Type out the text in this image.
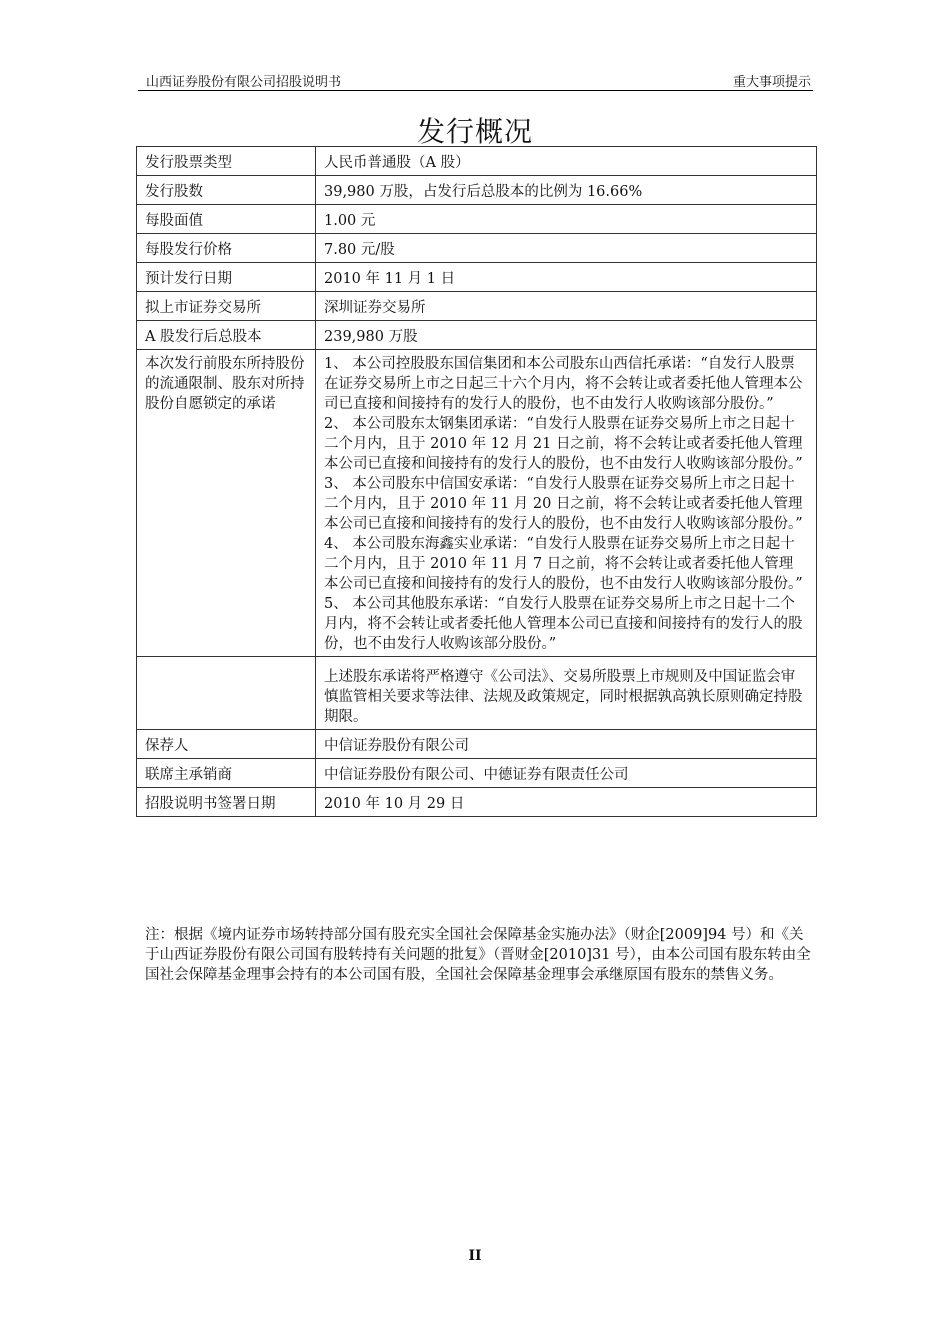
山西证券股份有限公司招股说明书	重大事项提示
发行概况
发行股票类型	人民币普通股（A 股）
发行股数	39,980 万股，占发行后总股本的比例为 16.66%
每股面值	1.00 元
每股发行价格	7.80 元/股
预计发行日期	2010 年 11 月 1 日
拟上市证券交易所	深圳证券交易所
A 股发行后总股本	239,980 万股
本次发行前股东所持股份的流通限制、股东对所持股份自愿锁定的承诺	1、 本公司控股股东国信集团和本公司股东山西信托承诺：“自发行人股票在证券交易所上市之日起三十六个月内，将不会转让或者委托他人管理本公司已直接和间接持有的发行人的股份，也不由发行人收购该部分股份。”

2、 本公司股东太钢集团承诺：“自发行人股票在证券交易所上市之日起十二个月内，且于 2010 年 12 月 21 日之前，将不会转让或者委托他人管理本公司已直接和间接持有的发行人的股份，也不由发行人收购该部分股份。”

3、 本公司股东中信国安承诺：“自发行人股票在证券交易所上市之日起十二个月内，且于 2010 年 11 月 20 日之前，将不会转让或者委托他人管理本公司已直接和间接持有的发行人的股份，也不由发行人收购该部分股份。”

4、 本公司股东海鑫实业承诺：“自发行人股票在证券交易所上市之日起十二个月内，且于 2010 年 11 月 7 日之前，将不会转让或者委托他人管理本公司已直接和间接持有的发行人的股份，也不由发行人收购该部分股份。”

5、 本公司其他股东承诺：“自发行人股票在证券交易所上市之日起十二个月内，将不会转让或者委托他人管理本公司已直接和间接持有的发行人的股份，也不由发行人收购该部分股份。”

	上述股东承诺将严格遵守《公司法》、交易所股票上市规则及中国证监会审慎监管相关要求等法律、法规及政策规定，同时根据孰高孰长原则确定持股期限。
保荐人	中信证券股份有限公司
联席主承销商	中信证券股份有限公司、中德证券有限责任公司
招股说明书签署日期	2010 年 10 月 29 日
注：根据《境内证券市场转持部分国有股充实全国社会保障基金实施办法》（财企[2009]94 号）和《关于山西证券股份有限公司国有股转持有关问题的批复》（晋财金[2010]31 号），由本公司国有股东转由全国社会保障基金理事会持有的本公司国有股，全国社会保障基金理事会承继原国有股东的禁售义务。
II
